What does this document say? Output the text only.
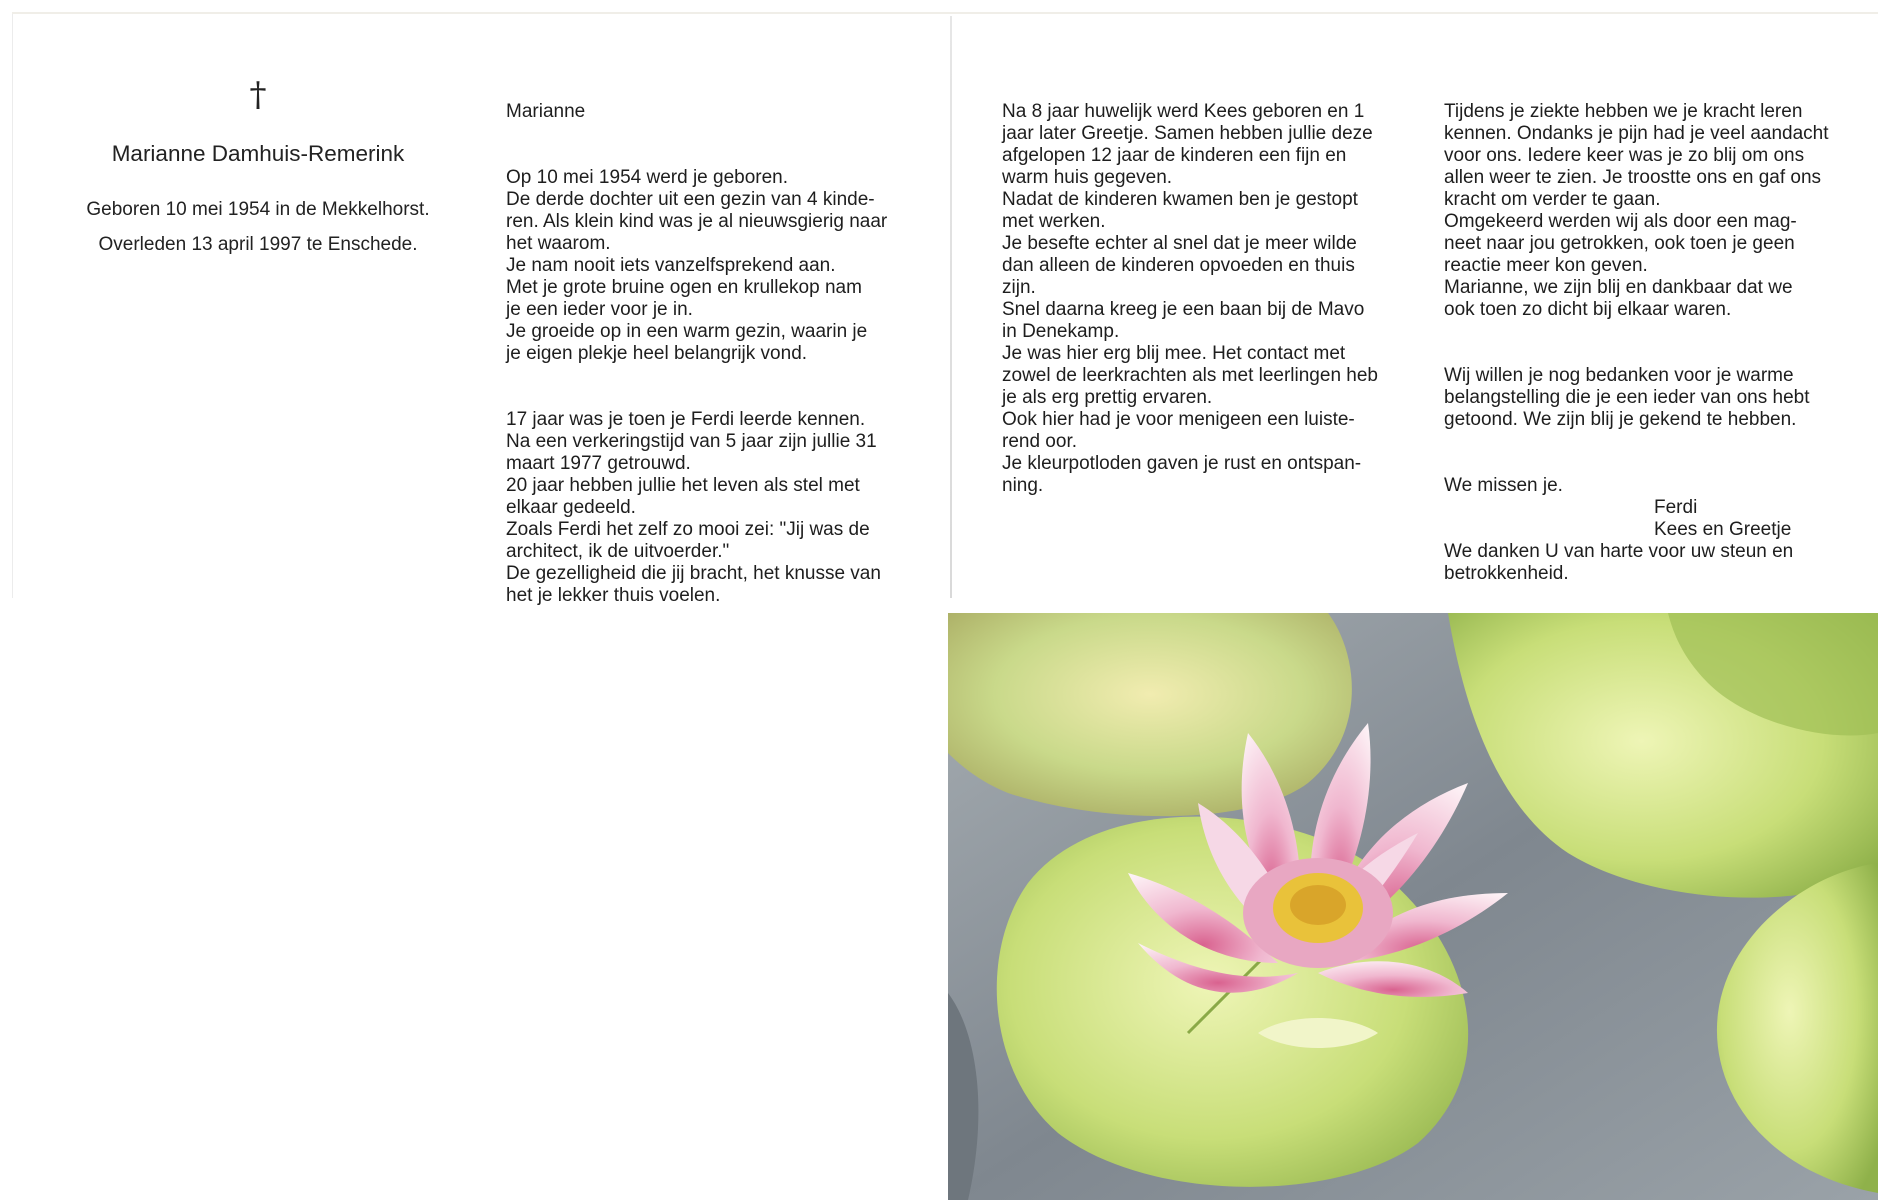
†
Marianne Damhuis-Remerink
Geboren 10 mei 1954 in de Mekkelhorst.
Overleden 13 april 1997 te Enschede.

Marianne

Op 10 mei 1954 werd je geboren.
De derde dochter uit een gezin van 4 kinde-
ren. Als klein kind was je al nieuwsgierig naar
het waarom.
Je nam nooit iets vanzelfsprekend aan.
Met je grote bruine ogen en krullekop nam
je een ieder voor je in.
Je groeide op in een warm gezin, waarin je
je eigen plekje heel belangrijk vond.

17 jaar was je toen je Ferdi leerde kennen.
Na een verkeringstijd van 5 jaar zijn jullie 31
maart 1977 getrouwd.
20 jaar hebben jullie het leven als stel met
elkaar gedeeld.
Zoals Ferdi het zelf zo mooi zei: "Jij was de
architect, ik de uitvoerder."
De gezelligheid die jij bracht, het knusse van
het je lekker thuis voelen.

Na 8 jaar huwelijk werd Kees geboren en 1
jaar later Greetje. Samen hebben jullie deze
afgelopen 12 jaar de kinderen een fijn en
warm huis gegeven.
Nadat de kinderen kwamen ben je gestopt
met werken.
Je besefte echter al snel dat je meer wilde
dan alleen de kinderen opvoeden en thuis
zijn.
Snel daarna kreeg je een baan bij de Mavo
in Denekamp.
Je was hier erg blij mee. Het contact met
zowel de leerkrachten als met leerlingen heb
je als erg prettig ervaren.
Ook hier had je voor menigeen een luiste-
rend oor.
Je kleurpotloden gaven je rust en ontspan-
ning.

Tijdens je ziekte hebben we je kracht leren
kennen. Ondanks je pijn had je veel aandacht
voor ons. Iedere keer was je zo blij om ons
allen weer te zien. Je troostte ons en gaf ons
kracht om verder te gaan.
Omgekeerd werden wij als door een mag-
neet naar jou getrokken, ook toen je geen
reactie meer kon geven.
Marianne, we zijn blij en dankbaar dat we
ook toen zo dicht bij elkaar waren.

Wij willen je nog bedanken voor je warme
belangstelling die je een ieder van ons hebt
getoond. We zijn blij je gekend te hebben.

We missen je.

We danken U van harte voor uw steun en
betrokkenheid.

Ferdi
Kees en Greetje
